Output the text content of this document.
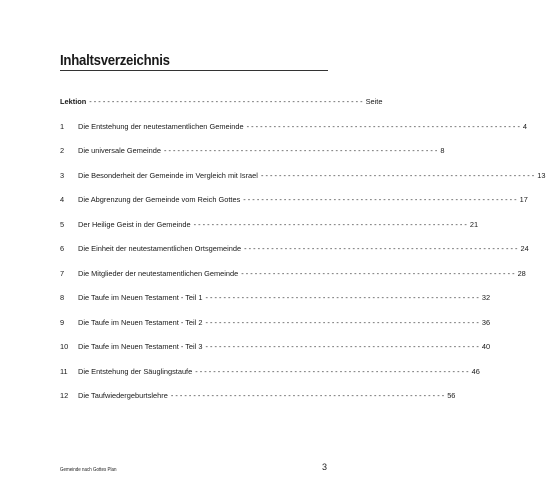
Inhaltsverzeichnis
Lektion - - - - - - - - - - - - - - - - - - - - - - - - - - - - - - - - - - - - - - - - - - - - - - - - - - - - - - - - - - - - - Seite
1	Die Entstehung der neutestamentlichen Gemeinde - - - - - - - - - - - - - - - - - - - - - - - - - - - - - - - - - - - - - - - - - - - - - - - - - - - - - - - - - - - - - 4
2	Die universale Gemeinde - - - - - - - - - - - - - - - - - - - - - - - - - - - - - - - - - - - - - - - - - - - - - - - - - - - - - - - - - - - - - 8
3	Die Besonderheit der Gemeinde im Vergleich mit Israel - - - - - - - - - - - - - - - - - - - - - - - - - - - - - - - - - - - - - - - - - - - - - - - - - - - - - - - - - - - - - 13
4	Die Abgrenzung der Gemeinde vom Reich Gottes - - - - - - - - - - - - - - - - - - - - - - - - - - - - - - - - - - - - - - - - - - - - - - - - - - - - - - - - - - - - - 17
5	Der Heilige Geist in der Gemeinde - - - - - - - - - - - - - - - - - - - - - - - - - - - - - - - - - - - - - - - - - - - - - - - - - - - - - - - - - - - - - 21
6	Die Einheit der neutestamentlichen Ortsgemeinde - - - - - - - - - - - - - - - - - - - - - - - - - - - - - - - - - - - - - - - - - - - - - - - - - - - - - - - - - - - - - 24
7	Die Mitglieder der neutestamentlichen Gemeinde - - - - - - - - - - - - - - - - - - - - - - - - - - - - - - - - - - - - - - - - - - - - - - - - - - - - - - - - - - - - - 28
8	Die Taufe im Neuen Testament - Teil 1 - - - - - - - - - - - - - - - - - - - - - - - - - - - - - - - - - - - - - - - - - - - - - - - - - - - - - - - - - - - - - 32
9	Die Taufe im Neuen Testament - Teil 2 - - - - - - - - - - - - - - - - - - - - - - - - - - - - - - - - - - - - - - - - - - - - - - - - - - - - - - - - - - - - - 36
10	Die Taufe im Neuen Testament - Teil 3 - - - - - - - - - - - - - - - - - - - - - - - - - - - - - - - - - - - - - - - - - - - - - - - - - - - - - - - - - - - - - 40
11	Die Entstehung der Säuglingstaufe - - - - - - - - - - - - - - - - - - - - - - - - - - - - - - - - - - - - - - - - - - - - - - - - - - - - - - - - - - - - - 46
12	Die Taufwiedergeburtslehre - - - - - - - - - - - - - - - - - - - - - - - - - - - - - - - - - - - - - - - - - - - - - - - - - - - - - - - - - - - - - 56
Gemeinde nach Gottes Plan	3
